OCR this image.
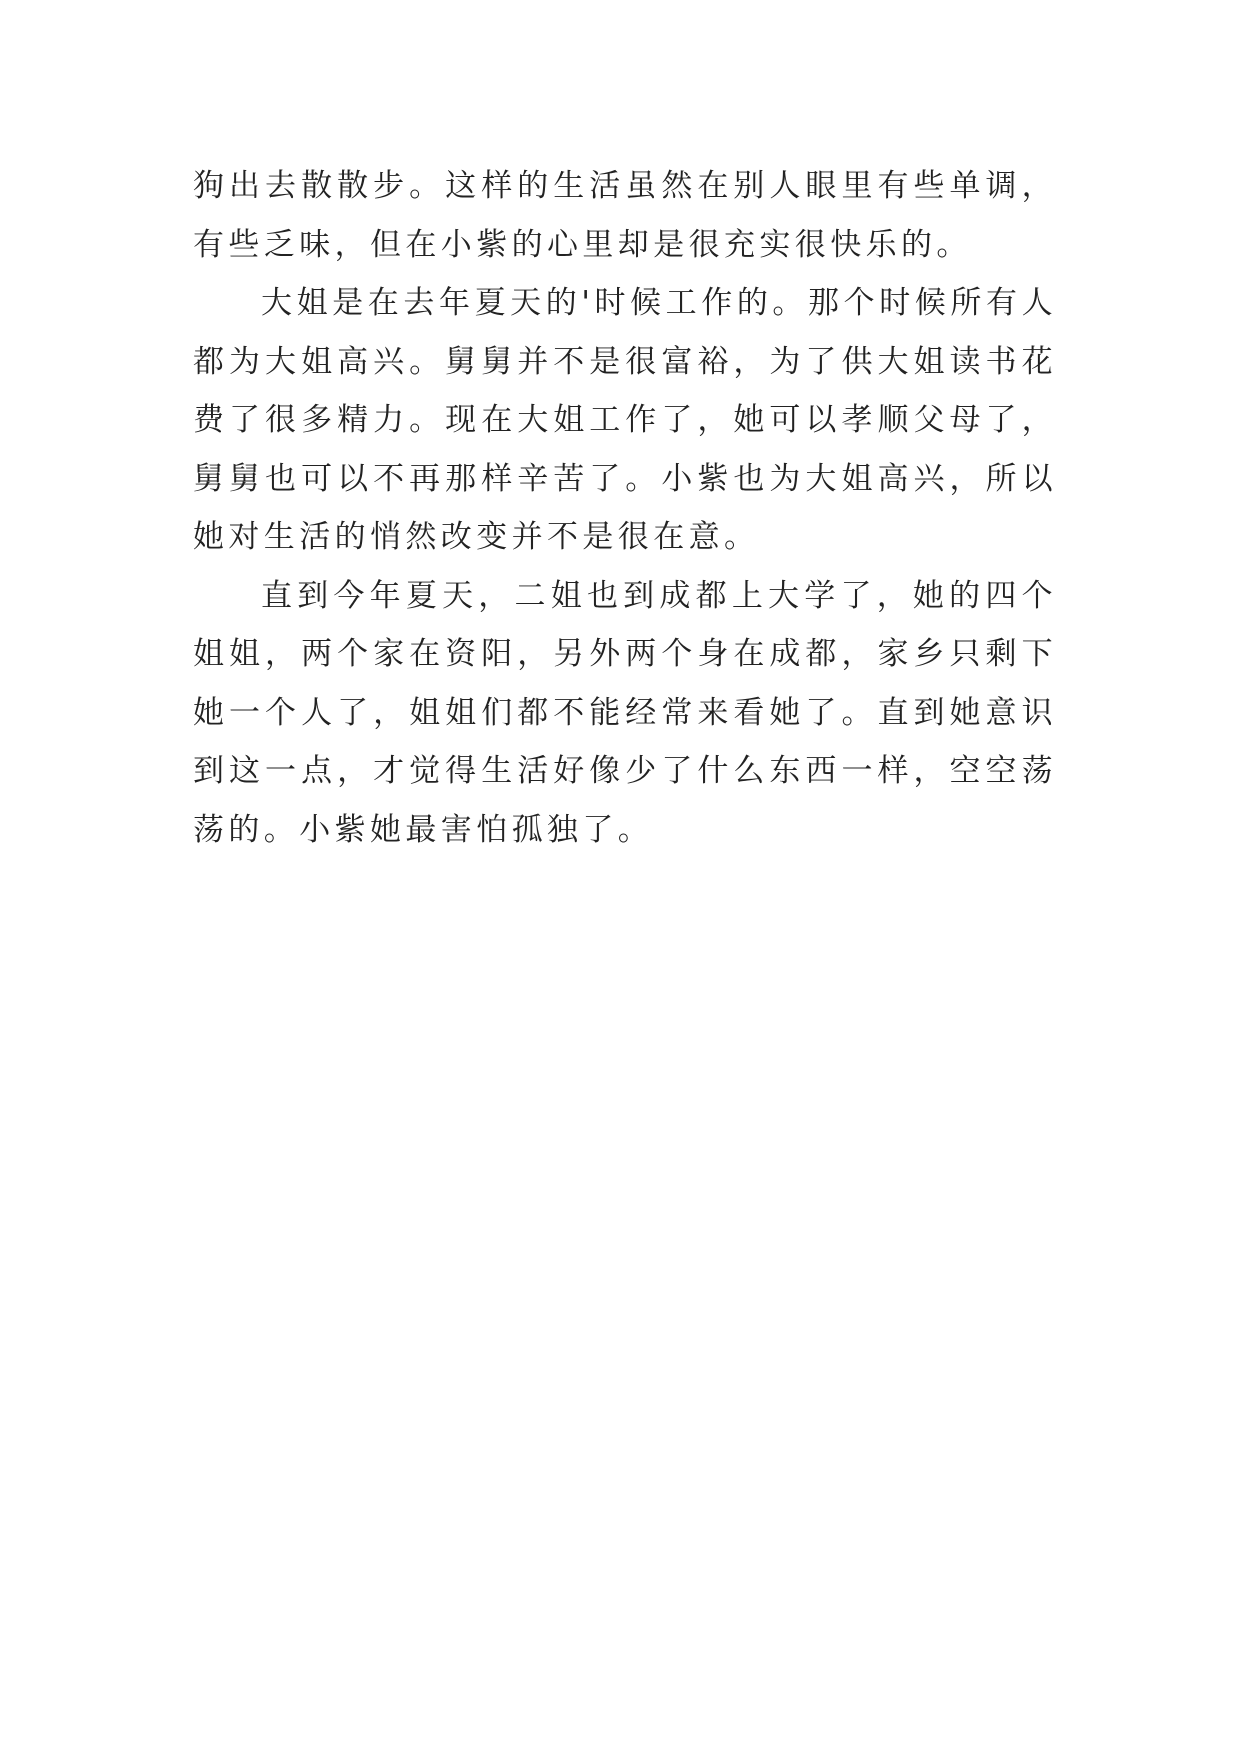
狗出去散散步。这样的生活虽然在别人眼里有些单调，有些乏味，但在小紫的心里却是很充实很快乐的。

大姐是在去年夏天的'时候工作的。那个时候所有人都为大姐高兴。舅舅并不是很富裕，为了供大姐读书花费了很多精力。现在大姐工作了，她可以孝顺父母了，舅舅也可以不再那样辛苦了。小紫也为大姐高兴，所以她对生活的悄然改变并不是很在意。

直到今年夏天，二姐也到成都上大学了，她的四个姐姐，两个家在资阳，另外两个身在成都，家乡只剩下她一个人了，姐姐们都不能经常来看她了。直到她意识到这一点，才觉得生活好像少了什么东西一样，空空荡荡的。小紫她最害怕孤独了。
